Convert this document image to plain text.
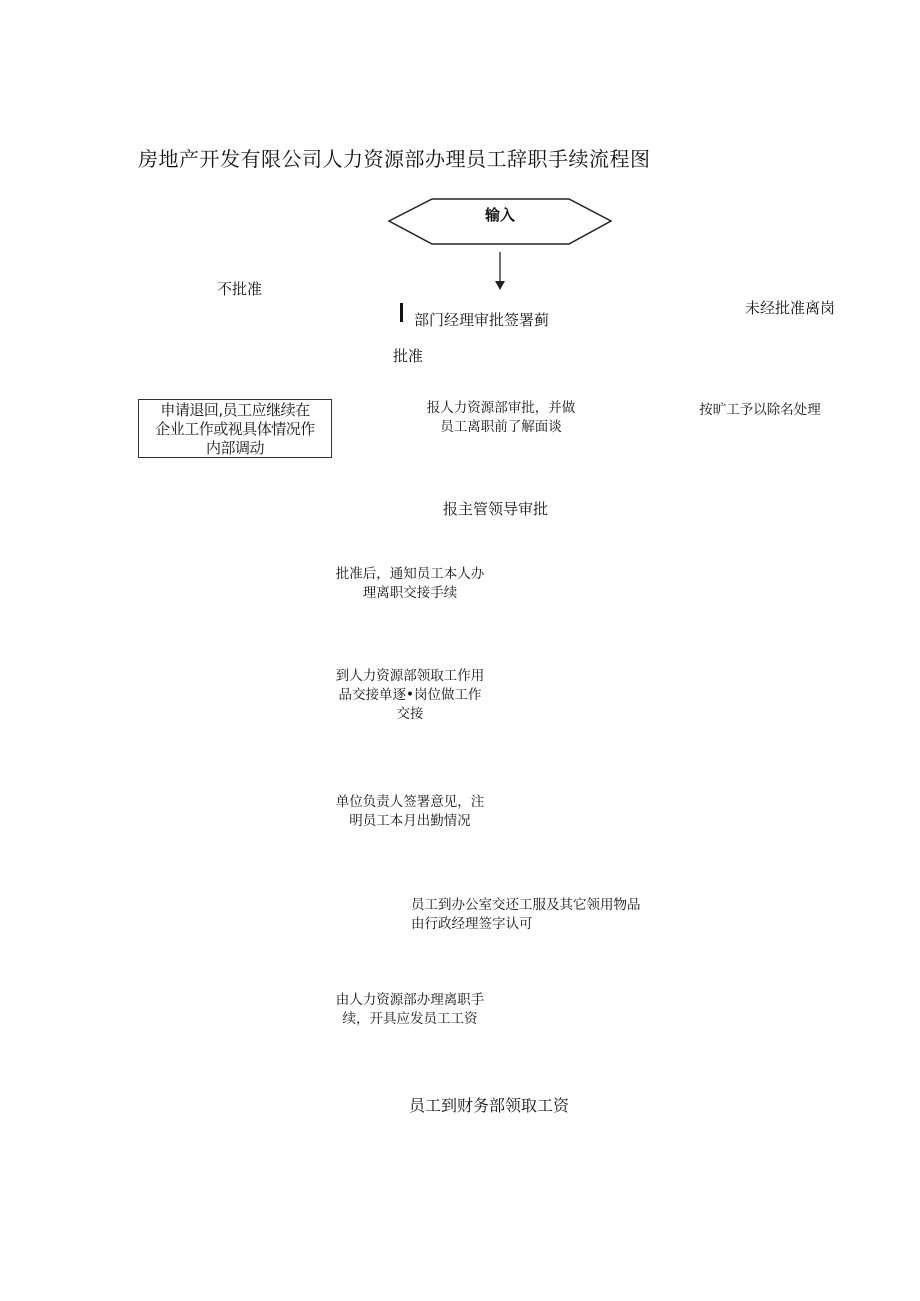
房地产开发有限公司人力资源部办理员工辞职手续流程图
输入
不批准
部门经理审批签署蓟
未经批准离岗
批准
申请退回,员工应继续在
企业工作或视具体情况作
内部调动
报人力资源部审批，并做
员工离职前了解面谈
按旷工予以除名处理
报主管领导审批
批准后，通知员工本人办
理离职交接手续
到人力资源部领取工作用
品交接单逐•岗位做工作
交接
单位负责人签署意见，注
明员工本月出勤情况
员工到办公室交还工服及其它领用物品
由行政经理签字认可
由人力资源部办理离职手
续，开具应发员工工资
员工到财务部领取工资
